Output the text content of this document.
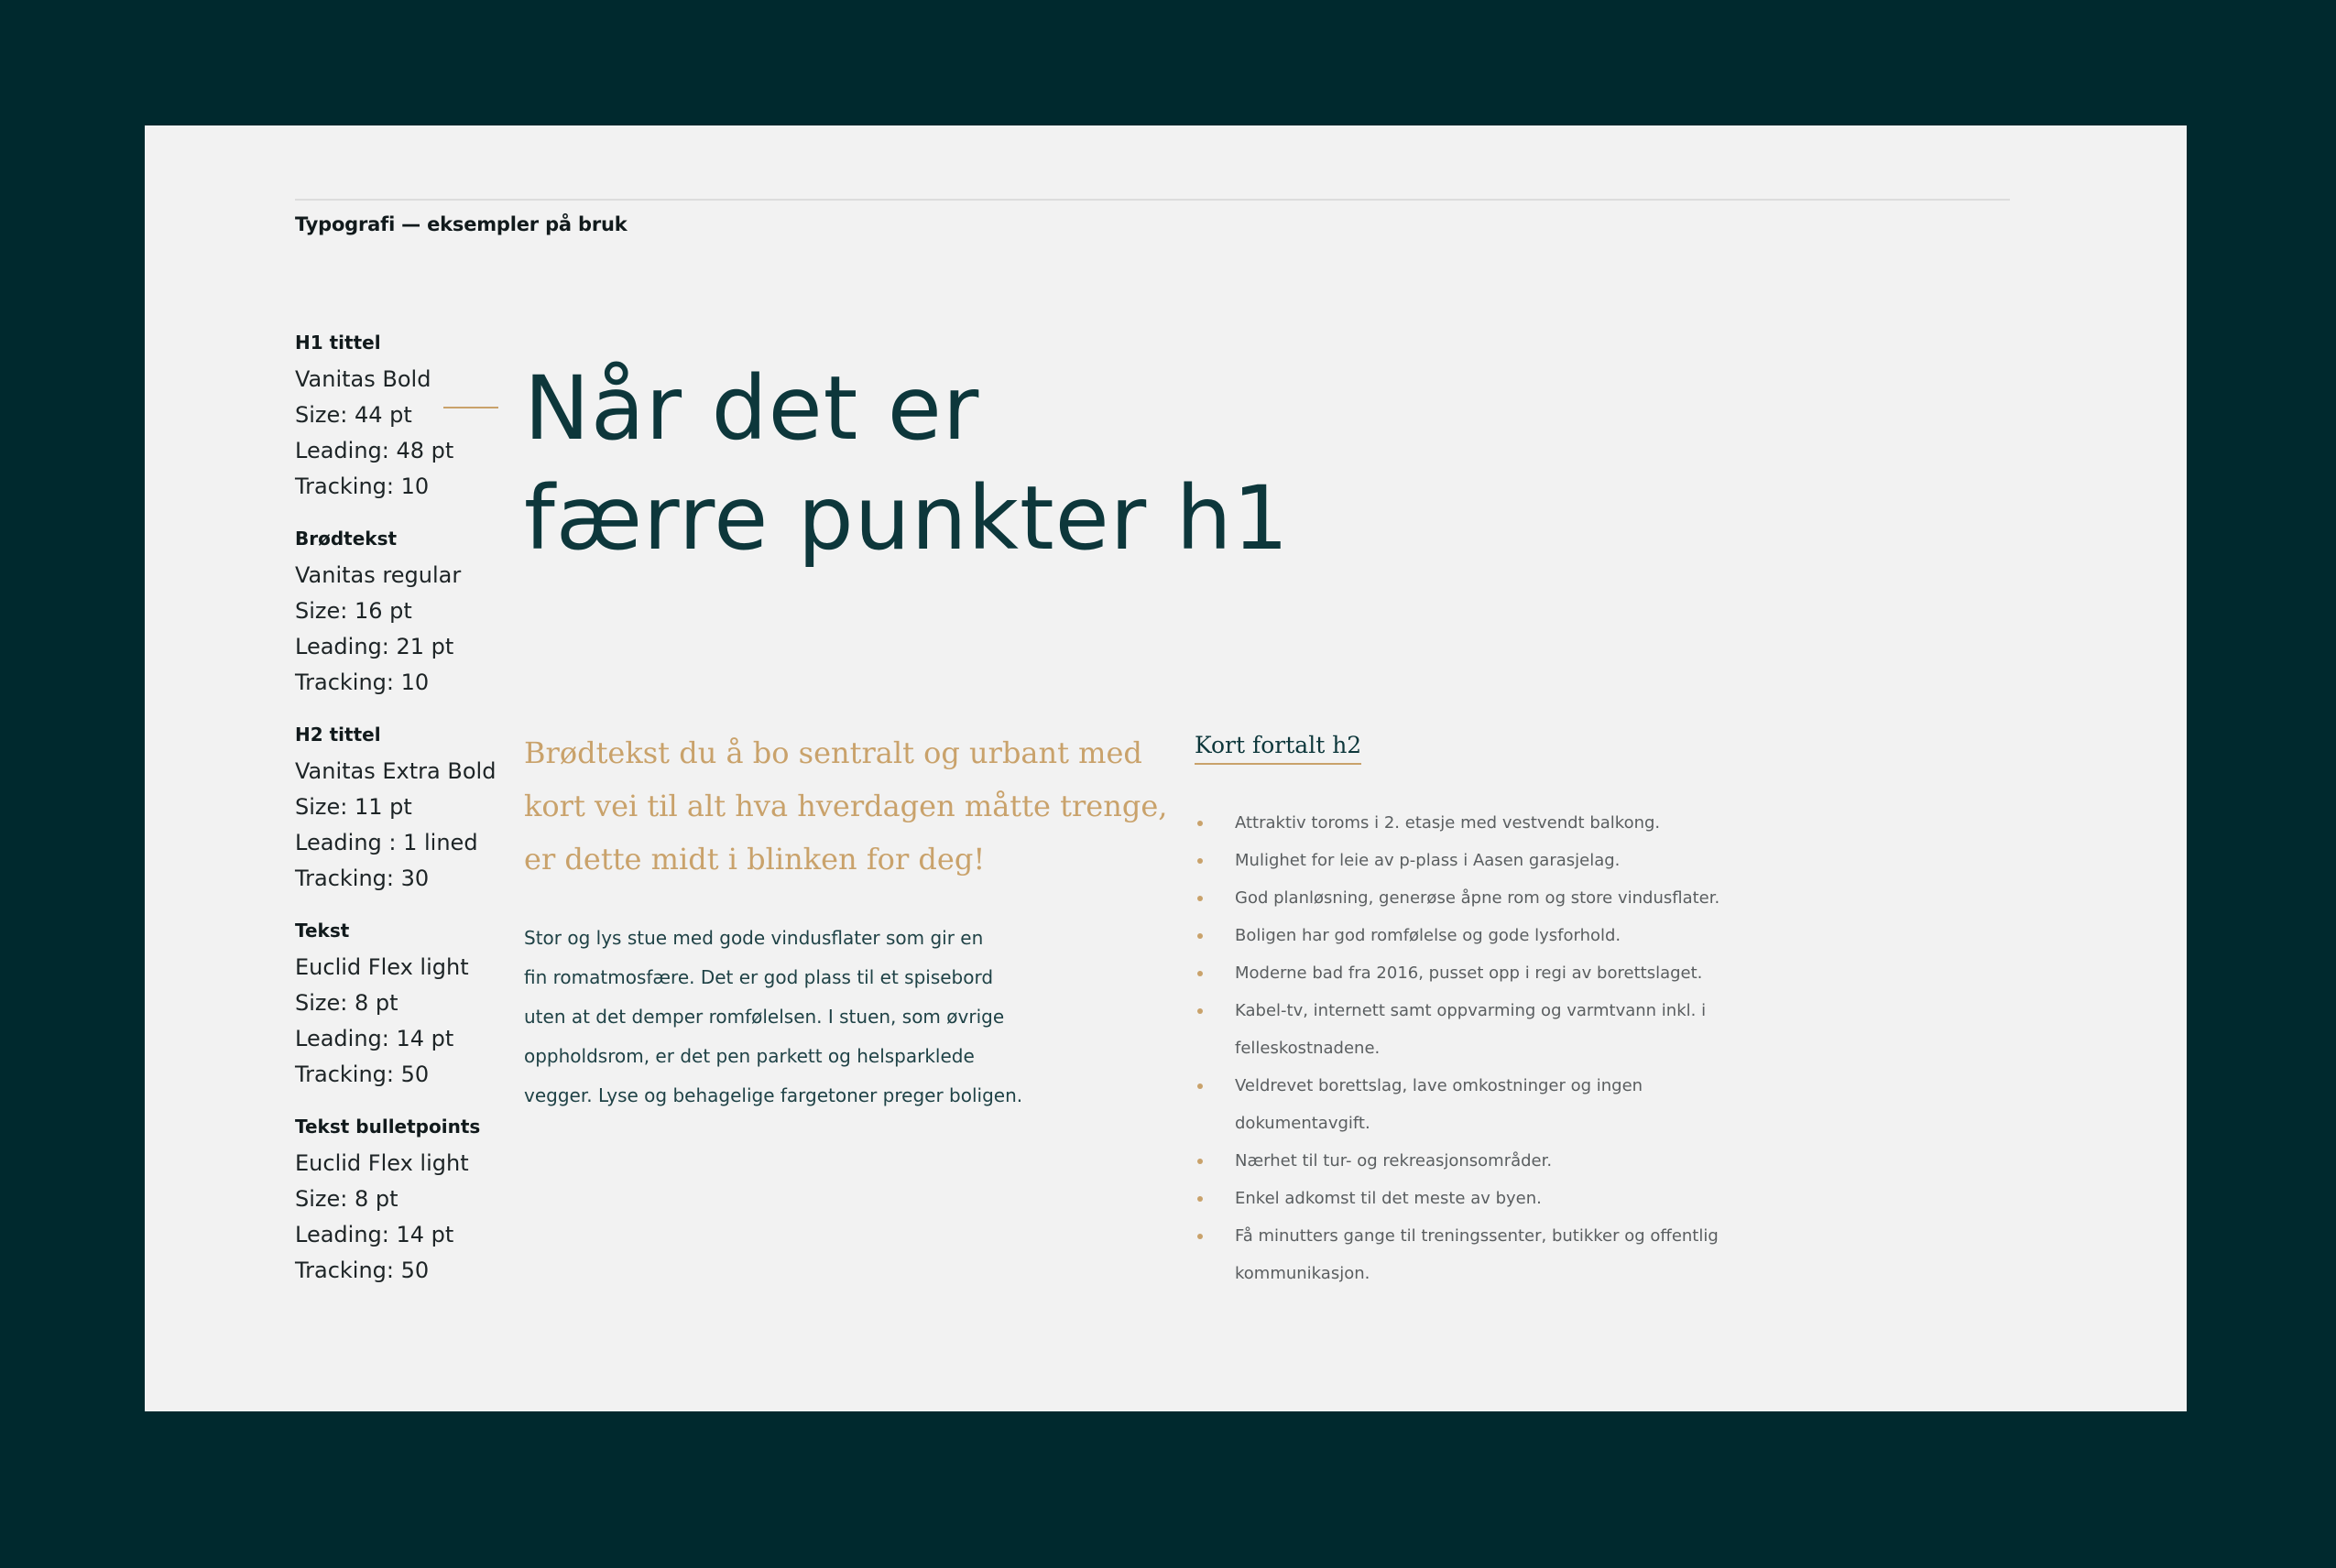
Typografi — eksempler på bruk
H1 tittel
Vanitas Bold
Size: 44 pt
Leading: 48 pt
Tracking: 10
Brødtekst
Vanitas regular
Size: 16 pt
Leading: 21 pt
Tracking: 10
H2 tittel
Vanitas Extra Bold
Size: 11 pt
Leading : 1 lined
Tracking: 30
Tekst
Euclid Flex light
Size: 8 pt
Leading: 14 pt
Tracking: 50
Tekst bulletpoints
Euclid Flex light
Size: 8 pt
Leading: 14 pt
Tracking: 50
Når det er
færre punkter h1

Brødtekst du å bo sentralt og urbant med
kort vei til alt hva hverdagen måtte trenge,
er dette midt i blinken for deg!

Stor og lys stue med gode vindusflater som gir en
fin romatmosfære. Det er god plass til et spisebord
uten at det demper romfølelsen. I stuen, som øvrige
oppholdsrom, er det pen parkett og helsparklede
vegger. Lyse og behagelige fargetoner preger boligen.

Kort fortalt h2
Attraktiv toroms i 2. etasje med vestvendt balkong.
Mulighet for leie av p-plass i Aasen garasjelag.
God planløsning, generøse åpne rom og store vindusflater.
Boligen har god romfølelse og gode lysforhold.
Moderne bad fra 2016, pusset opp i regi av borettslaget.
Kabel-tv, internett samt oppvarming og varmtvann inkl. i
felleskostnadene.
Veldrevet borettslag, lave omkostninger og ingen
dokumentavgift.
Nærhet til tur- og rekreasjonsområder.
Enkel adkomst til det meste av byen.
Få minutters gange til treningssenter, butikker og offentlig
kommunikasjon.
